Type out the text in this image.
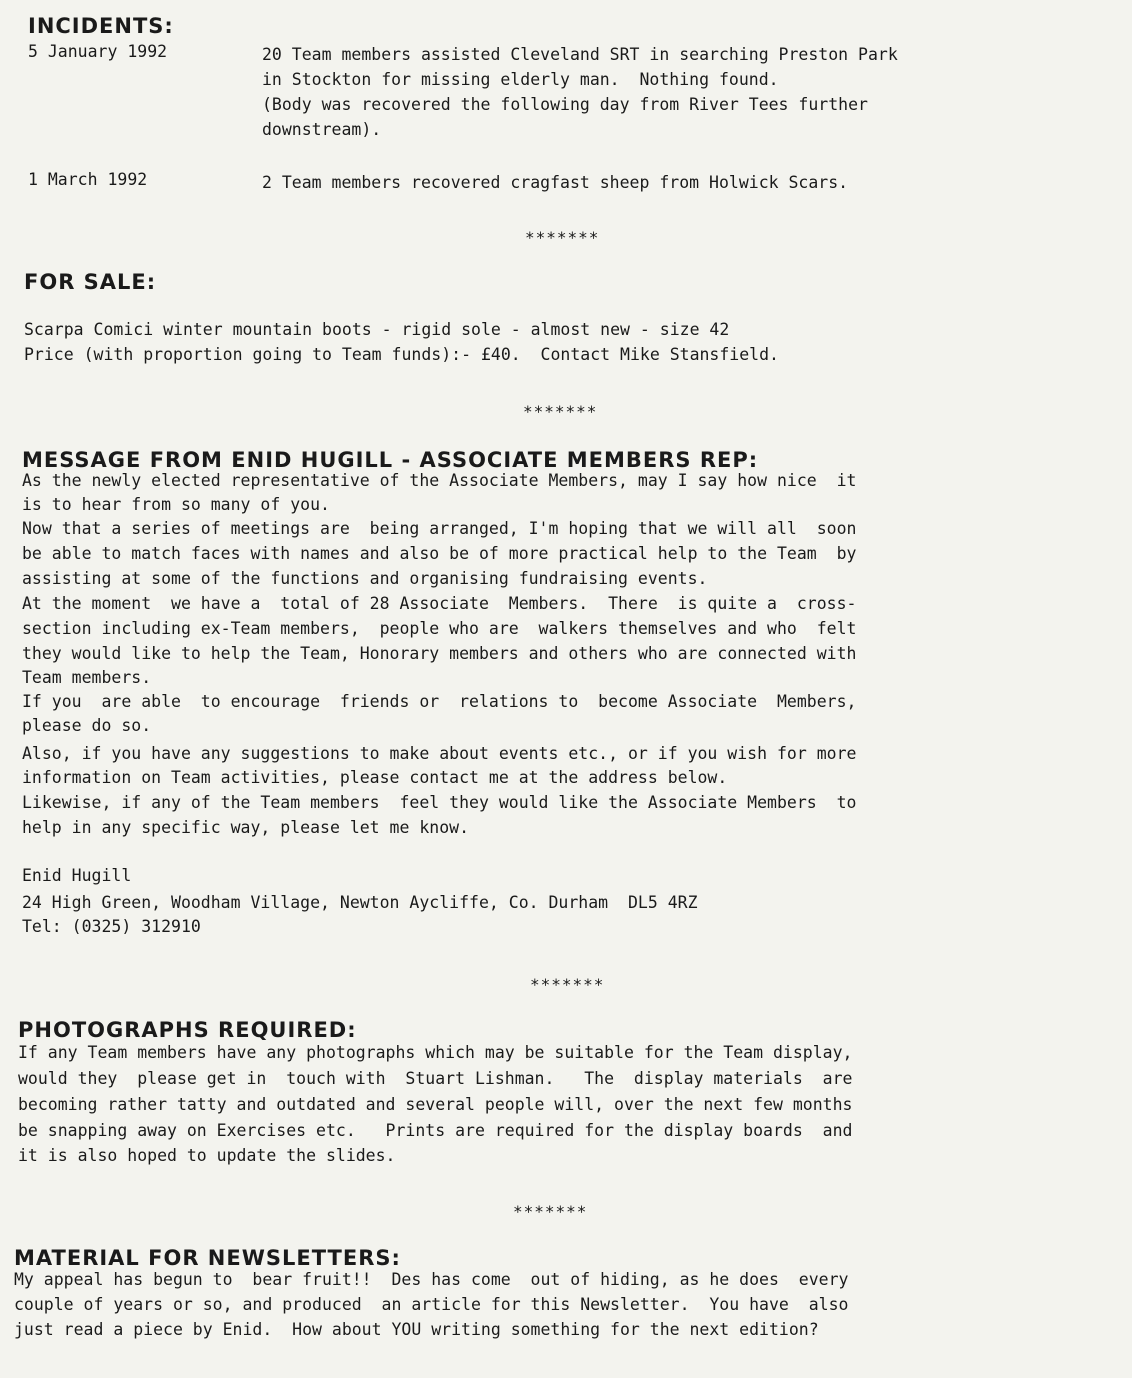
INCIDENTS:
5 January 1992	20 Team members assisted Cleveland SRT in searching Preston Park
in Stockton for missing elderly man.  Nothing found.
(Body was recovered the following day from River Tees further
downstream).
1 March 1992	2 Team members recovered cragfast sheep from Holwick Scars.
*******
FOR SALE:
Scarpa Comici winter mountain boots - rigid sole - almost new - size 42
Price (with proportion going to Team funds):- £40.  Contact Mike Stansfield.
*******
MESSAGE FROM ENID HUGILL - ASSOCIATE MEMBERS REP:
As the newly elected representative of the Associate Members, may I say how nice  it
is to hear from so many of you.
Now that a series of meetings are  being arranged, I'm hoping that we will all  soon
be able to match faces with names and also be of more practical help to the Team  by
assisting at some of the functions and organising fundraising events.
At the moment  we have a  total of 28 Associate  Members.  There  is quite a  cross-
section including ex-Team members,  people who are  walkers themselves and who  felt
they would like to help the Team, Honorary members and others who are connected with
Team members.
If you  are able  to encourage  friends or  relations to  become Associate  Members,
please do so.
Also, if you have any suggestions to make about events etc., or if you wish for more
information on Team activities, please contact me at the address below.
Likewise, if any of the Team members  feel they would like the Associate Members  to
help in any specific way, please let me know.
Enid Hugill
24 High Green, Woodham Village, Newton Aycliffe, Co. Durham  DL5 4RZ
Tel: (0325) 312910
*******
PHOTOGRAPHS REQUIRED:
If any Team members have any photographs which may be suitable for the Team display,
would they  please get in  touch with  Stuart Lishman.   The  display materials  are
becoming rather tatty and outdated and several people will, over the next few months
be snapping away on Exercises etc.   Prints are required for the display boards  and
it is also hoped to update the slides.
*******
MATERIAL FOR NEWSLETTERS:
My appeal has begun to  bear fruit!!  Des has come  out of hiding, as he does  every
couple of years or so, and produced  an article for this Newsletter.  You have  also
just read a piece by Enid.  How about YOU writing something for the next edition?
